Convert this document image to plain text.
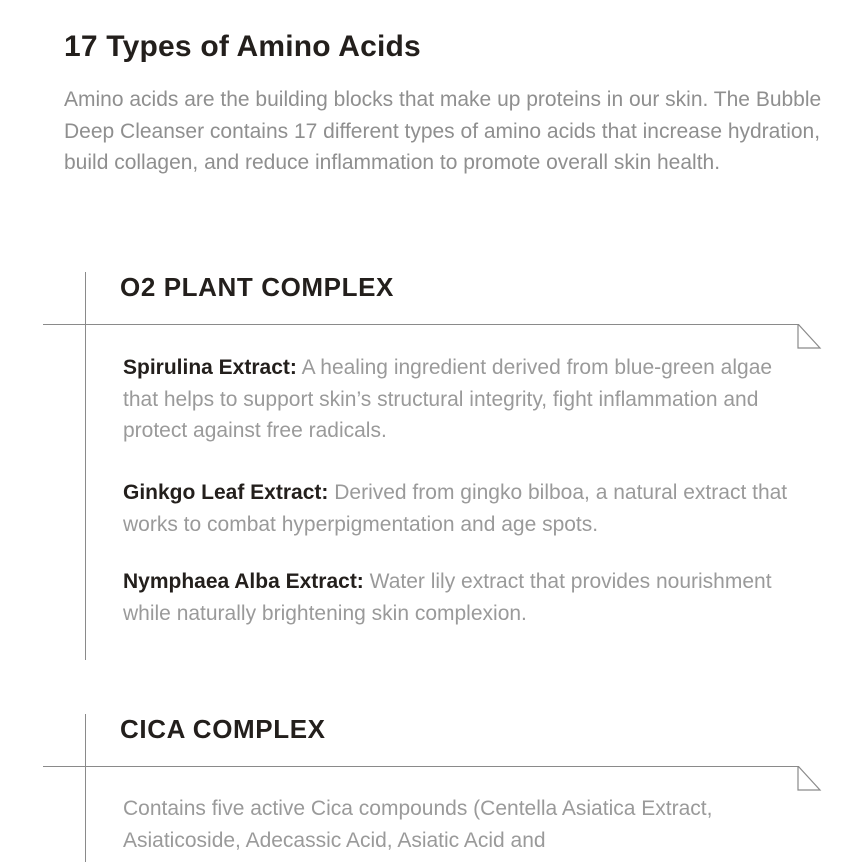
17 Types of Amino Acids

Amino acids are the building blocks that make up proteins in our skin. The Bubble Deep Cleanser contains 17 different types of amino acids that increase hydration, build collagen, and reduce inflammation to promote overall skin health.

O2 PLANT COMPLEX

Spirulina Extract: A healing ingredient derived from blue-green algae that helps to support skin’s structural integrity, fight inflammation and protect against free radicals.

Ginkgo Leaf Extract: Derived from gingko bilboa, a natural extract that works to combat hyperpigmentation and age spots.

Nymphaea Alba Extract: Water lily extract that provides nourishment while naturally brightening skin complexion.

CICA COMPLEX

Contains five active Cica compounds (Centella Asiatica Extract, Asiaticoside, Adecassic Acid, Asiatic Acid and
